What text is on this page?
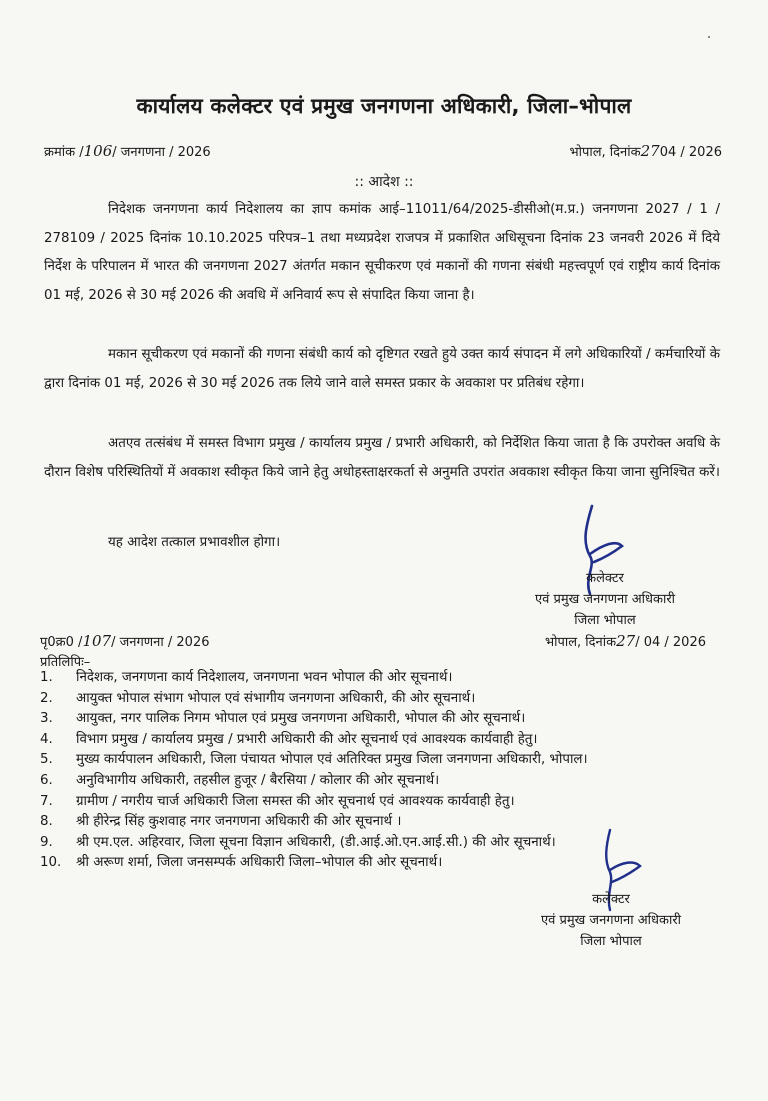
कार्यालय कलेक्टर एवं प्रमुख जनगणना अधिकारी, जिला–भोपाल
क्रमांक /106/ जनगणना / 2026	भोपाल, दिनांक2704 / 2026
:: आदेश ::

निदेशक जनगणना कार्य निदेशालय का ज्ञाप कमांक आई–11011/64/2025-डीसीओ(म.प्र.) जनगणना 2027 / 1 / 278109 / 2025 दिनांक 10.10.2025 परिपत्र–1 तथा मध्यप्रदेश राजपत्र में प्रकाशित अधिसूचना दिनांक 23 जनवरी 2026 में दिये निर्देश के परिपालन में भारत की जनगणना 2027 अंतर्गत मकान सूचीकरण एवं मकानों की गणना संबंधी महत्त्वपूर्ण एवं राष्ट्रीय कार्य दिनांक 01 मई, 2026 से 30 मई 2026 की अवधि में अनिवार्य रूप से संपादित किया जाना है।

मकान सूचीकरण एवं मकानों की गणना संबंधी कार्य को दृष्टिगत रखते हुये उक्त कार्य संपादन में लगे अधिकारियों / कर्मचारियों के द्वारा दिनांक 01 मई, 2026 से 30 मई 2026 तक लिये जाने वाले समस्त प्रकार के अवकाश पर प्रतिबंध रहेगा।

अतएव तत्संबंध में समस्त विभाग प्रमुख / कार्यालय प्रमुख / प्रभारी अधिकारी, को निर्देशित किया जाता है कि उपरोक्त अवधि के दौरान विशेष परिस्थितियों में अवकाश स्वीकृत किये जाने हेतु अधोहस्ताक्षरकर्ता से अनुमति उपरांत अवकाश स्वीकृत किया जाना सुनिश्चित करें।

यह आदेश तत्काल प्रभावशील होगा।

कलेक्टर
एवं प्रमुख जनगणना अधिकारी
जिला भोपाल
पृ0क्र0 /107/ जनगणना / 2026	भोपाल, दिनांक27/ 04 / 2026
प्रतिलिपिः–
1. निदेशक, जनगणना कार्य निदेशालय, जनगणना भवन भोपाल की ओर सूचनार्थ।
2. आयुक्त भोपाल संभाग भोपाल एवं संभागीय जनगणना अधिकारी, की ओर सूचनार्थ।
3. आयुक्त, नगर पालिक निगम भोपाल एवं प्रमुख जनगणना अधिकारी, भोपाल की ओर सूचनार्थ।
4. विभाग प्रमुख / कार्यालय प्रमुख / प्रभारी अधिकारी की ओर सूचनार्थ एवं आवश्यक कार्यवाही हेतु।
5. मुख्य कार्यपालन अधिकारी, जिला पंचायत भोपाल एवं अतिरिक्त प्रमुख जिला जनगणना अधिकारी, भोपाल।
6. अनुविभागीय अधिकारी, तहसील हुजूर / बैरसिया / कोलार की ओर सूचनार्थ।
7. ग्रामीण / नगरीय चार्ज अधिकारी जिला समस्त की ओर सूचनार्थ एवं आवश्यक कार्यवाही हेतु।
8. श्री हीरेन्द्र सिंह कुशवाह नगर जनगणना अधिकारी की ओर सूचनार्थ ।
9. श्री एम.एल. अहिरवार, जिला सूचना विज्ञान अधिकारी, (डी.आई.ओ.एन.आई.सी.) की ओर सूचनार्थ।
10. श्री अरूण शर्मा, जिला जनसम्पर्क अधिकारी जिला–भोपाल की ओर सूचनार्थ।
कलेक्टर
एवं प्रमुख जनगणना अधिकारी
जिला भोपाल
